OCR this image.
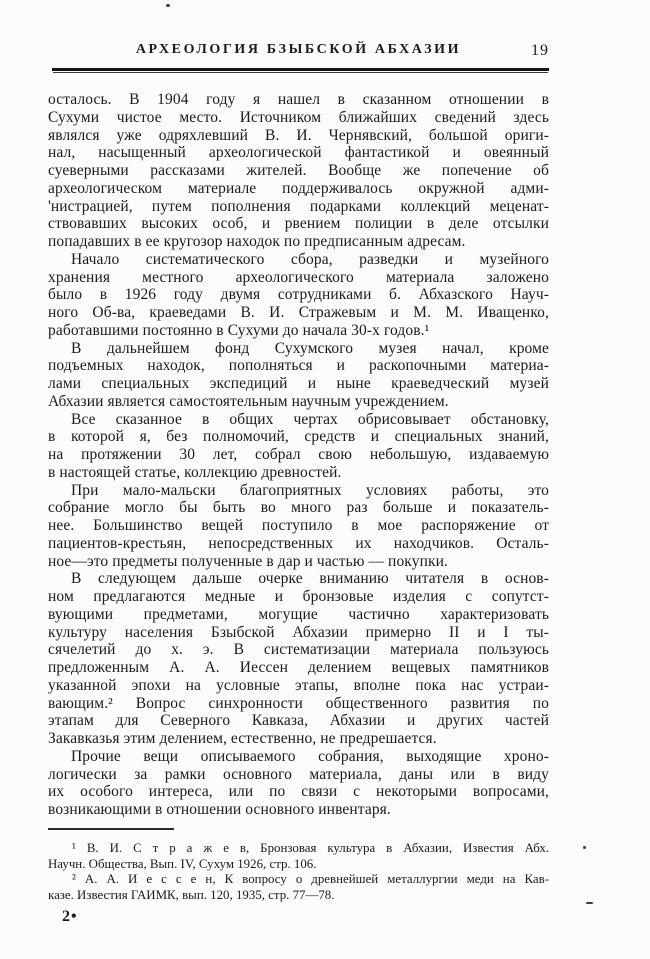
АРХЕОЛОГИЯ БЗЫБСКОЙ АБХАЗИИ	19
осталось. В 1904 году я нашел в сказанном отношении в
Сухуми чистое место. Источником ближайших сведений здесь
являлся уже одряхлевший В. И. Чернявский, большой ориги-
нал, насыщенный археологической фантастикой и овеянный
суеверными рассказами жителей. Вообще же попечение об
археологическом материале поддерживалось окружной адми-
'нистрацией, путем пополнения подарками коллекций меценат-
ствовавших высоких особ, и рвением полиции в деле отсылки
попадавших в ее кругозор находок по предписанным адресам.
Начало систематического сбора, разведки и музейного
хранения местного археологического материала заложено
было в 1926 году двумя сотрудниками б. Абхазского Науч-
ного Об-ва, краеведами В. И. Стражевым и М. М. Иващенко,
работавшими постоянно в Сухуми до начала 30-х годов.¹
В дальнейшем фонд Сухумского музея начал, кроме
подъемных находок, пополняться и раскопочными материа-
лами специальных экспедиций и ныне краеведческий музей
Абхазии является самостоятельным научным учреждением.
Все сказанное в общих чертах обрисовывает обстановку,
в которой я, без полномочий, средств и специальных знаний,
на протяжении 30 лет, собрал свою небольшую, издаваемую
в настоящей статье, коллекцию древностей.
При мало-мальски благоприятных условиях работы, это
собрание могло бы быть во много раз больше и показатель-
нее. Большинство вещей поступило в мое распоряжение от
пациентов-крестьян, непосредственных их находчиков. Осталь-
ное—это предметы полученные в дар и частью — покупки.
В следующем дальше очерке вниманию читателя в основ-
ном предлагаются медные и бронзовые изделия с сопутст-
вующими предметами, могущие частично характеризовать
культуру населения Бзыбской Абхазии примерно II и I ты-
сячелетий до х. э. В систематизации материала пользуюсь
предложенным А. А. Иессен делением вещевых памятников
указанной эпохи на условные этапы, вполне пока нас устраи-
вающим.² Вопрос синхронности общественного развития по
этапам для Северного Кавказа, Абхазии и других частей
Закавказья этим делением, естественно, не предрешается.
Прочие вещи описываемого собрания, выходящие хроно-
логически за рамки основного материала, даны или в виду
их особого интереса, или по связи с некоторыми вопросами,
возникающими в отношении основного инвентаря.
¹ В. И. С т р а ж е в, Бронзовая культура в Абхазии, Известия Абх.
Научн. Общества, Вып. IV, Сухум 1926, стр. 106.
² А. А. И е с с е н, К вопросу о древнейшей металлургии меди на Кав-
казе. Известия ГАИМК, вып. 120, 1935, стр. 77—78.
2•
